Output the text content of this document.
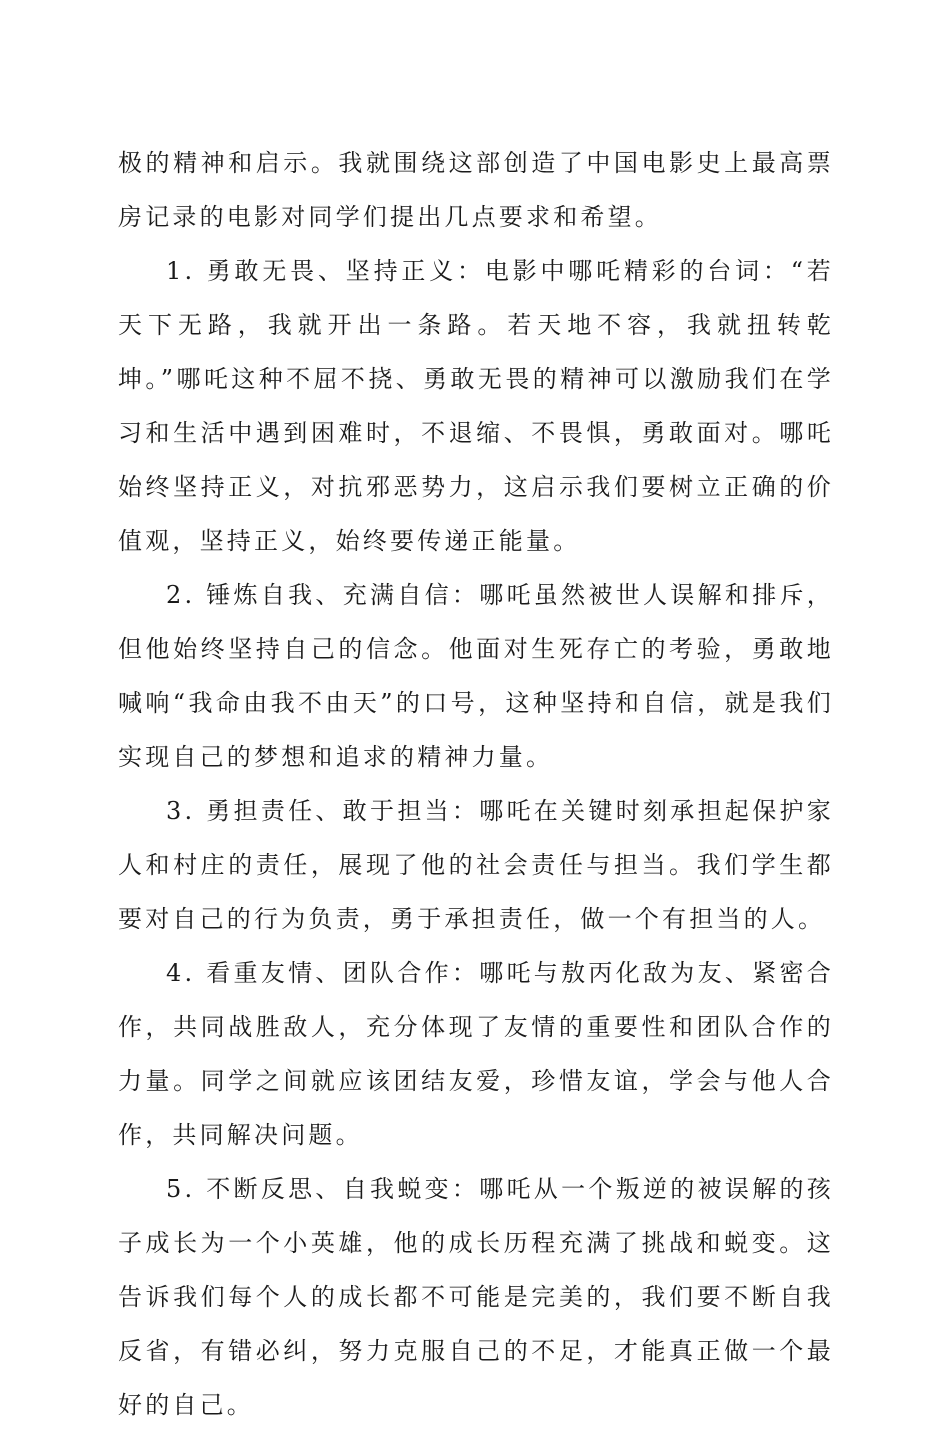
极的精神和启示。我就围绕这部创造了中国电影史上最高票房记录的电影对同学们提出几点要求和希望。

1. 勇敢无畏、坚持正义：电影中哪吒精彩的台词：“若天下无路，我就开出一条路。若天地不容，我就扭转乾坤。”哪吒这种不屈不挠、勇敢无畏的精神可以激励我们在学习和生活中遇到困难时，不退缩、不畏惧，勇敢面对。哪吒始终坚持正义，对抗邪恶势力，这启示我们要树立正确的价值观，坚持正义，始终要传递正能量。

2. 锤炼自我、充满自信：哪吒虽然被世人误解和排斥，但他始终坚持自己的信念。他面对生死存亡的考验，勇敢地喊响“我命由我不由天”的口号，这种坚持和自信，就是我们实现自己的梦想和追求的精神力量。

3. 勇担责任、敢于担当：哪吒在关键时刻承担起保护家人和村庄的责任，展现了他的社会责任与担当。我们学生都要对自己的行为负责，勇于承担责任，做一个有担当的人。

4. 看重友情、团队合作：哪吒与敖丙化敌为友、紧密合作，共同战胜敌人，充分体现了友情的重要性和团队合作的力量。同学之间就应该团结友爱，珍惜友谊，学会与他人合作，共同解决问题。

5. 不断反思、自我蜕变：哪吒从一个叛逆的被误解的孩子成长为一个小英雄，他的成长历程充满了挑战和蜕变。这告诉我们每个人的成长都不可能是完美的，我们要不断自我反省，有错必纠，努力克服自己的不足，才能真正做一个最好的自己。
